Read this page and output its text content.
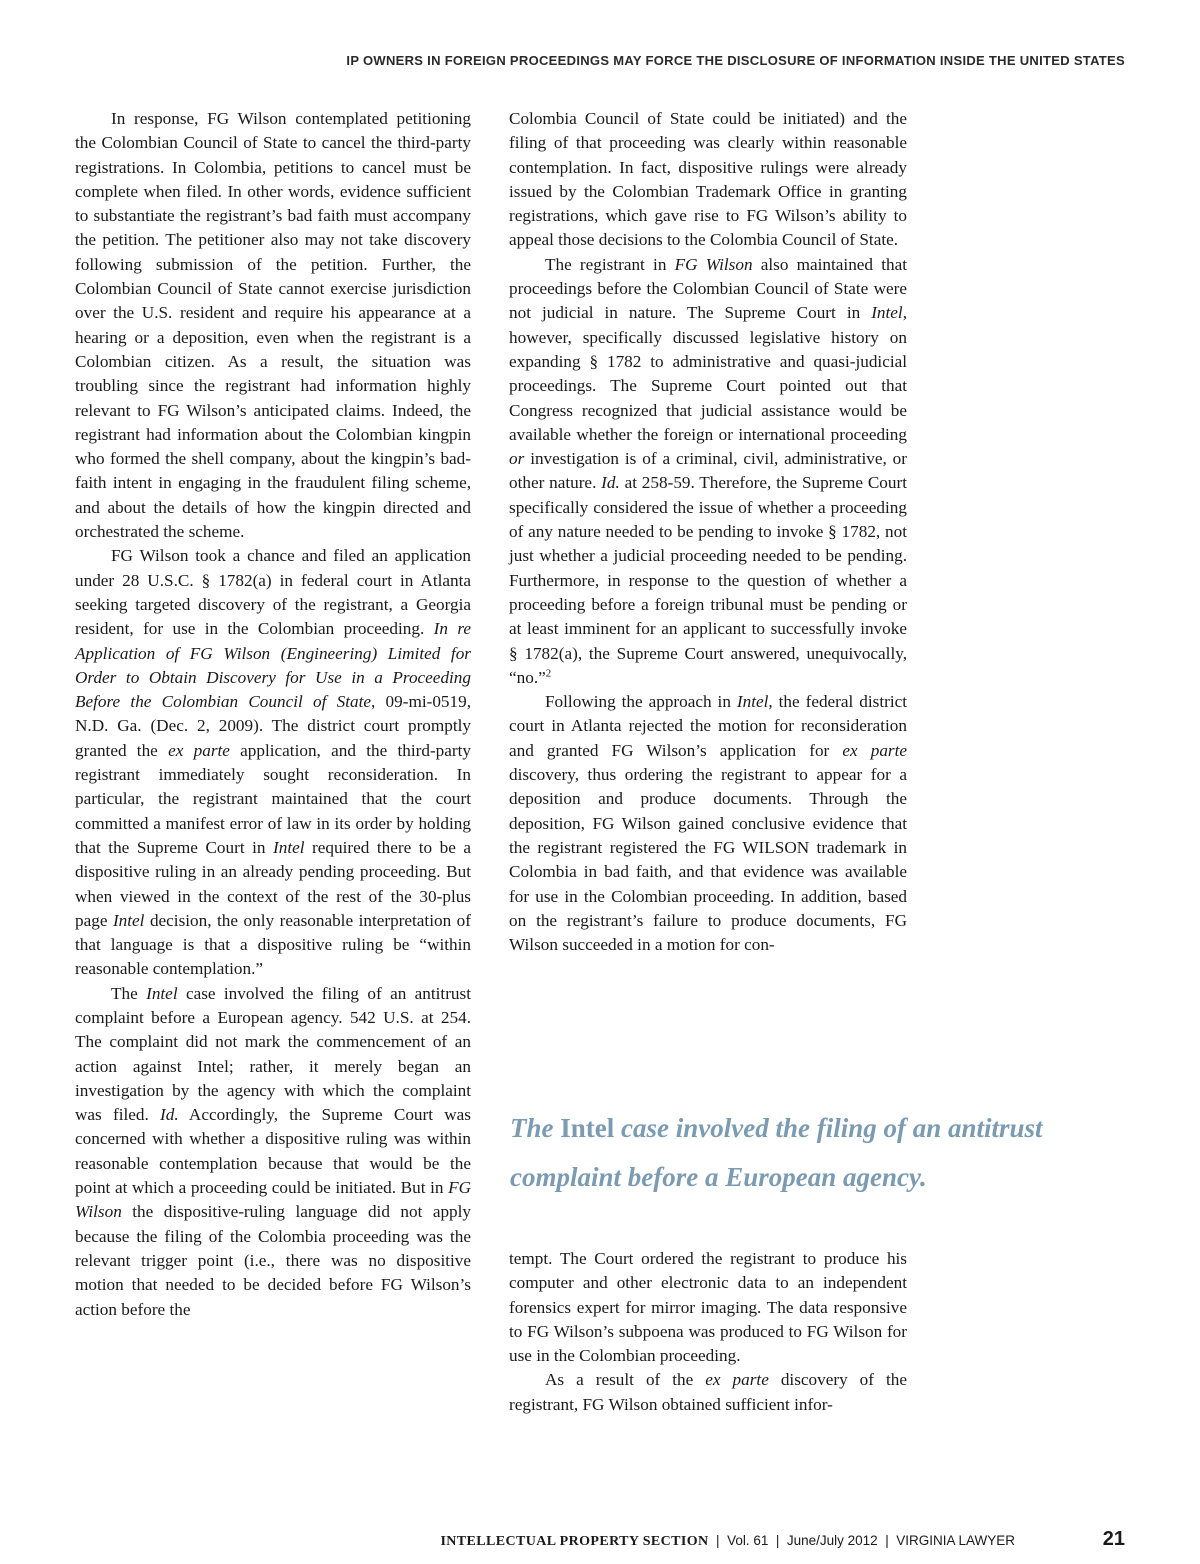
IP OWNERS IN FOREIGN PROCEEDINGS MAY FORCE THE DISCLOSURE OF INFORMATION INSIDE THE UNITED STATES

In response, FG Wilson contemplated petitioning the Colombian Council of State to cancel the third-party registrations. In Colombia, petitions to cancel must be complete when filed. In other words, evidence sufficient to substantiate the registrant’s bad faith must accompany the petition. The petitioner also may not take discovery following submission of the petition. Further, the Colombian Council of State cannot exercise jurisdiction over the U.S. resident and require his appearance at a hearing or a deposition, even when the registrant is a Colombian citizen. As a result, the situation was troubling since the registrant had information highly relevant to FG Wilson’s anticipated claims. Indeed, the registrant had information about the Colombian kingpin who formed the shell company, about the kingpin’s bad-faith intent in engaging in the fraudulent filing scheme, and about the details of how the kingpin directed and orchestrated the scheme.

FG Wilson took a chance and filed an application under 28 U.S.C. § 1782(a) in federal court in Atlanta seeking targeted discovery of the registrant, a Georgia resident, for use in the Colombian proceeding. In re Application of FG Wilson (Engineering) Limited for Order to Obtain Discovery for Use in a Proceeding Before the Colombian Council of State, 09-mi-0519, N.D. Ga. (Dec. 2, 2009). The district court promptly granted the ex parte application, and the third-party registrant immediately sought reconsideration. In particular, the registrant maintained that the court committed a manifest error of law in its order by holding that the Supreme Court in Intel required there to be a dispositive ruling in an already pending proceeding. But when viewed in the context of the rest of the 30-plus page Intel decision, the only reasonable interpretation of that language is that a dispositive ruling be “within reasonable contemplation.”

The Intel case involved the filing of an antitrust complaint before a European agency. 542 U.S. at 254. The complaint did not mark the commencement of an action against Intel; rather, it merely began an investigation by the agency with which the complaint was filed. Id. Accordingly, the Supreme Court was concerned with whether a dispositive ruling was within reasonable contemplation because that would be the point at which a proceeding could be initiated. But in FG Wilson the dispositive-ruling language did not apply because the filing of the Colombia proceeding was the relevant trigger point (i.e., there was no dispositive motion that needed to be decided before FG Wilson’s action before the

Colombia Council of State could be initiated) and the filing of that proceeding was clearly within reasonable contemplation. In fact, dispositive rulings were already issued by the Colombian Trademark Office in granting registrations, which gave rise to FG Wilson’s ability to appeal those decisions to the Colombia Council of State.

The registrant in FG Wilson also maintained that proceedings before the Colombian Council of State were not judicial in nature. The Supreme Court in Intel, however, specifically discussed legislative history on expanding § 1782 to administrative and quasi-judicial proceedings. The Supreme Court pointed out that Congress recognized that judicial assistance would be available whether the foreign or international proceeding or investigation is of a criminal, civil, administrative, or other nature. Id. at 258-59. Therefore, the Supreme Court specifically considered the issue of whether a proceeding of any nature needed to be pending to invoke § 1782, not just whether a judicial proceeding needed to be pending. Furthermore, in response to the question of whether a proceeding before a foreign tribunal must be pending or at least imminent for an applicant to successfully invoke § 1782(a), the Supreme Court answered, unequivocally, “no.”$^2$

Following the approach in Intel, the federal district court in Atlanta rejected the motion for reconsideration and granted FG Wilson’s application for ex parte discovery, thus ordering the registrant to appear for a deposition and produce documents. Through the deposition, FG Wilson gained conclusive evidence that the registrant registered the FG WILSON trademark in Colombia in bad faith, and that evidence was available for use in the Colombian proceeding. In addition, based on the registrant’s failure to produce documents, FG Wilson succeeded in a motion for con-

The Intel case involved the filing of an antitrust complaint before a European agency.

tempt. The Court ordered the registrant to produce his computer and other electronic data to an independent forensics expert for mirror imaging. The data responsive to FG Wilson’s subpoena was produced to FG Wilson for use in the Colombian proceeding.

As a result of the ex parte discovery of the registrant, FG Wilson obtained sufficient infor-

INTELLECTUAL PROPERTY SECTION  |  Vol. 61  |  June/July 2012  |  VIRGINIA LAWYER	21
